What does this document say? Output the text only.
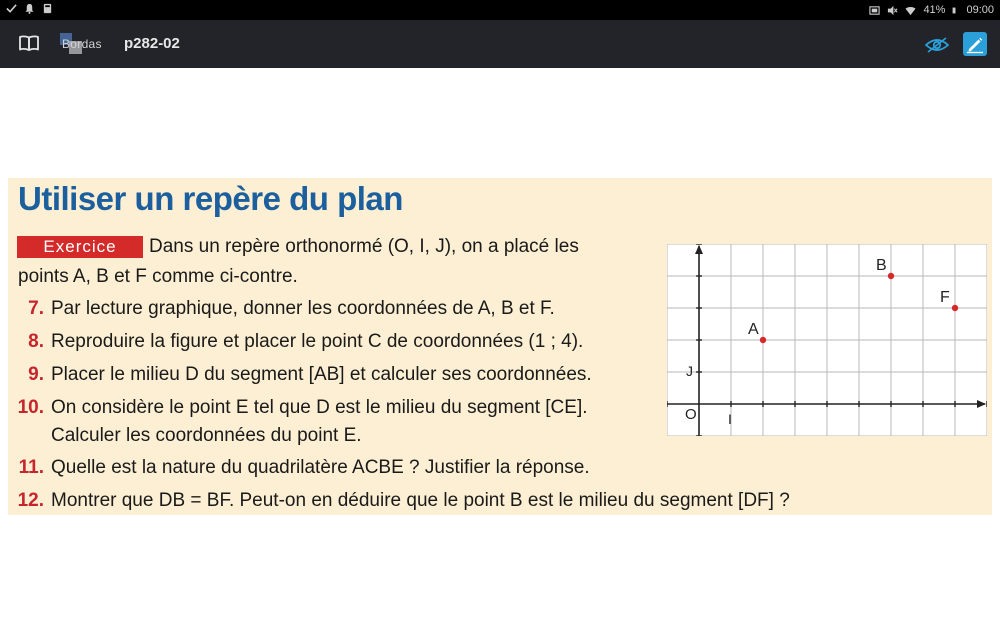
41% 09:00
Bordas p282-02
Utiliser un repère du plan
Exercice	Dans un repère orthonormé (O, I, J), on a placé les
points A, B et F comme ci-contre.
7. Par lecture graphique, donner les coordonnées de A, B et F.
8. Reproduire la figure et placer le point C de coordonnées (1 ; 4).
9. Placer le milieu D du segment [AB] et calculer ses coordonnées.
10. On considère le point E tel que D est le milieu du segment [CE].
Calculer les coordonnées du point E.
11. Quelle est la nature du quadrilatère ACBE ? Justifier la réponse.
12. Montrer que DB = BF. Peut-on en déduire que le point B est le milieu du segment [DF] ?
A
B
F
O I
J
